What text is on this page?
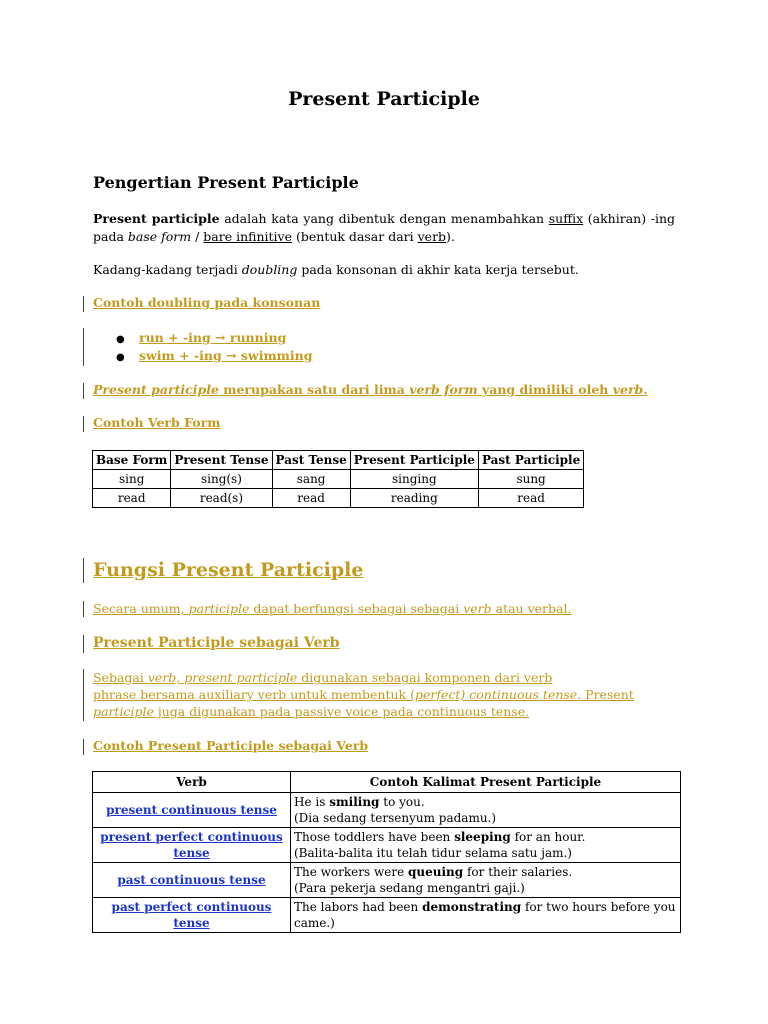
Present Participle
Pengertian Present Participle
Present participle adalah kata yang dibentuk dengan menambahkan suffix (akhiran) -ing pada base form / bare infinitive (bentuk dasar dari verb).
Kadang-kadang terjadi doubling pada konsonan di akhir kata kerja tersebut.
Contoh doubling pada konsonan
● run + -ing → running
● swim + -ing → swimming
Present participle merupakan satu dari lima verb form yang dimiliki oleh verb.
Contoh Verb Form
Base Form	Present Tense	Past Tense	Present Participle	Past Participle
sing	sing(s)	sang	singing	sung
read	read(s)	read	reading	read
Fungsi Present Participle
Secara umum, participle dapat berfungsi sebagai sebagai verb atau verbal.
Present Participle sebagai Verb
Sebagai verb, present participle digunakan sebagai komponen dari verb
phrase bersama auxiliary verb untuk membentuk (perfect) continuous tense. Present
participle juga digunakan pada passive voice pada continuous tense.
Contoh Present Participle sebagai Verb
Verb	Contoh Kalimat Present Participle
present continuous tense	He is smiling to you.
(Dia sedang tersenyum padamu.)
present perfect continuous tense	Those toddlers have been sleeping for an hour.
(Balita-balita itu telah tidur selama satu jam.)
past continuous tense	The workers were queuing for their salaries.
(Para pekerja sedang mengantri gaji.)
past perfect continuous tense	The labors had been demonstrating for two hours before you came.)
